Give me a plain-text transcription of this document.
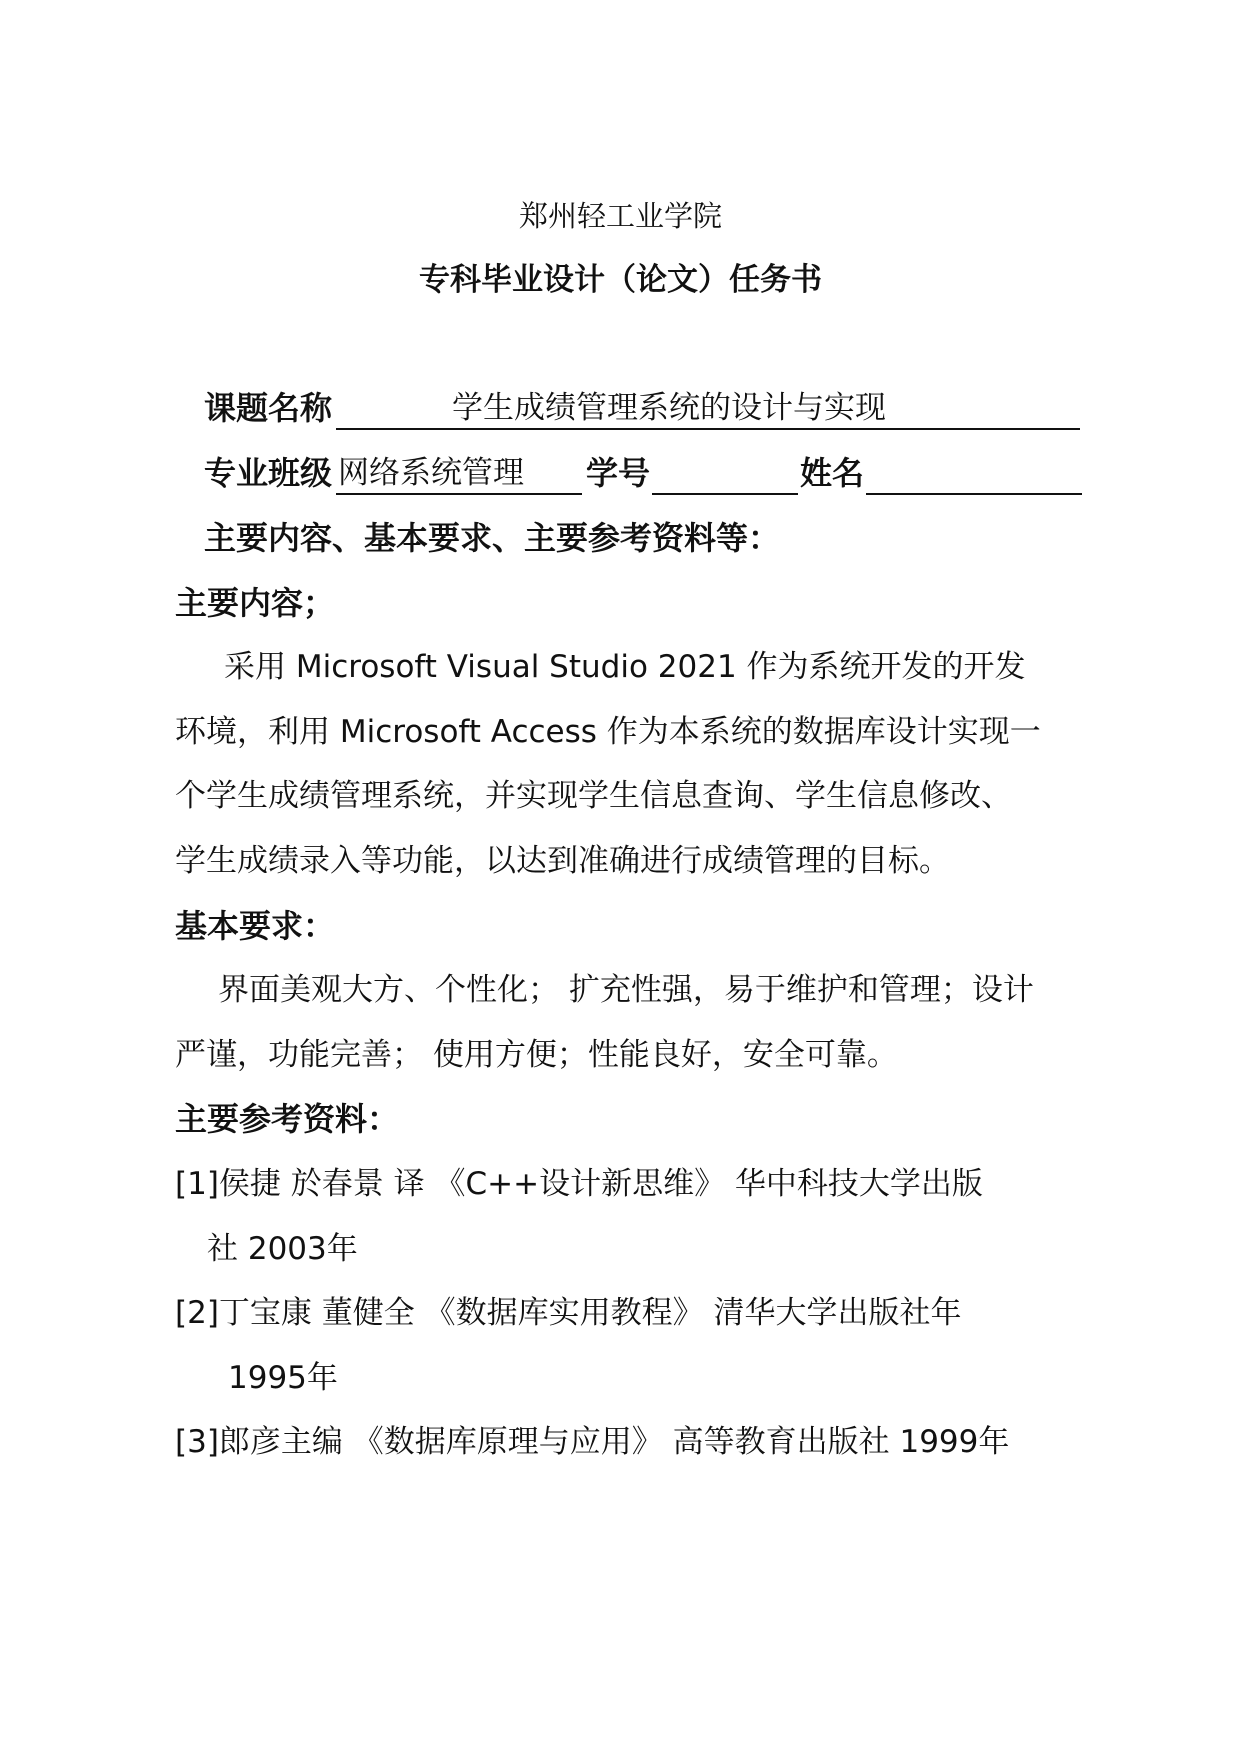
郑州轻工业学院
专科毕业设计（论文）任务书
课题名称	学生成绩管理系统的设计与实现
专业班级 网络系统管理 学号	姓名
主要内容、基本要求、主要参考资料等：
主要内容；
采用 Microsoft Visual Studio 2021 作为系统开发的开发
环境，利用 Microsoft Access 作为本系统的数据库设计实现一
个学生成绩管理系统，并实现学生信息查询、学生信息修改、
学生成绩录入等功能，以达到准确进行成绩管理的目标。
基本要求：
界面美观大方、个性化； 扩充性强，易于维护和管理；设计
严谨，功能完善； 使用方便；性能良好，安全可靠。
主要参考资料：
[1]侯捷 於春景 译 《C++设计新思维》 华中科技大学出版
社 2003年
[2]丁宝康 董健全 《数据库实用教程》 清华大学出版社年
1995年
[3]郎彦主编 《数据库原理与应用》 高等教育出版社 1999年
